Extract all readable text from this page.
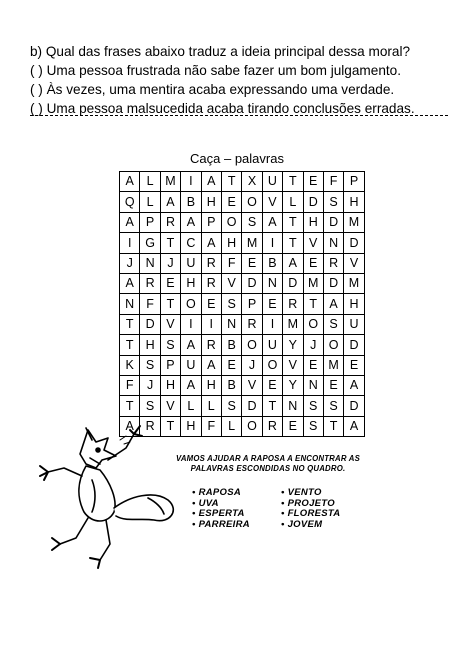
b) Qual das frases abaixo traduz a ideia principal dessa moral?
( ) Uma pessoa frustrada não sabe fazer um bom julgamento.
( ) Às vezes, uma mentira acaba expressando uma verdade.
( ) Uma pessoa malsucedida acaba tirando conclusões erradas.
Caça – palavras
A	L	M	I	A	T	X	U	T	E	F	P
Q	L	A	B	H	E	O	V	L	D	S	H
A	P	R	A	P	O	S	A	T	H	D	M
I	G	T	C	A	H	M	I	T	V	N	D
J	N	J	U	R	F	E	B	A	E	R	V
A	R	E	H	R	V	D	N	D	M	D	M
N	F	T	O	E	S	P	E	R	T	A	H
T	D	V	I	I	N	R	I	M	O	S	U
T	H	S	A	R	B	O	U	Y	J	O	D
K	S	P	U	A	E	J	O	V	E	M	E
F	J	H	A	H	B	V	E	Y	N	E	A
T	S	V	L	L	S	D	T	N	S	S	D
A	R	T	H	F	L	O	R	E	S	T	A
VAMOS AJUDAR A RAPOSA A ENCONTRAR AS PALAVRAS ESCONDIDAS NO QUADRO.
• RAPOSA
• UVA
• ESPERTA
• PARREIRA
• VENTO
• PROJETO
• FLORESTA
• JOVEM
